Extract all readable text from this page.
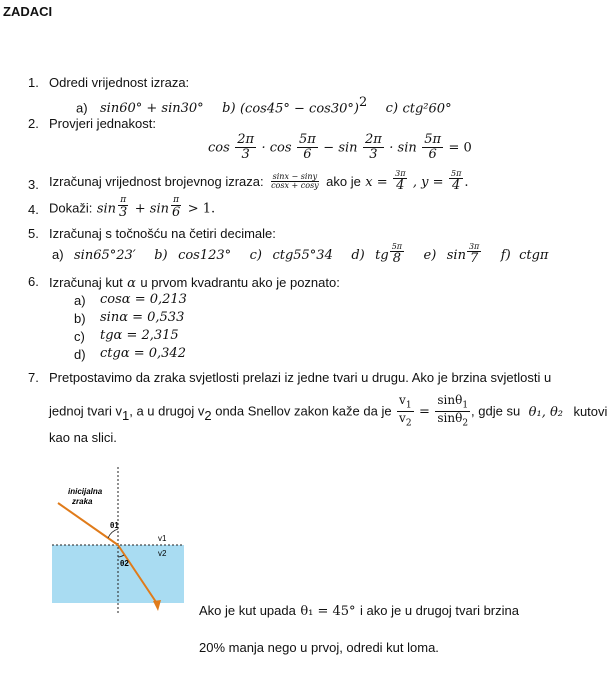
ZADACI
1. Odredi vrijednost izraza:
a) sin60° + sin30° b) $(\cos 45^\circ - \cos 30^\circ)^2$ c) ctg²60°
2. Provjeri jednakost:
$\cos \frac{2\pi}{3} \cdot \cos \frac{5\pi}{6} - \sin \frac{2\pi}{3} \cdot \sin \frac{5\pi}{6} = 0$
3. Izračunaj vrijednost brojevnog izraza: $\frac{\sin x - \sin y}{\cos x + \cos y}$ ako je $x = \frac{3\pi}{4}$ , $y = \frac{5\pi}{4}$ .
4. Dokaži: $\sin \frac{\pi}{3} + \sin \frac{\pi}{6} > 1$.
5. Izračunaj s točnošću na četiri decimale:
a) sin65°23′ b) cos123° c) ctg55°34 d) tg $\frac{5\pi}{8} e$) $\sin \frac{3\pi}{7} f$) ctgπ
6. Izračunaj kut α u prvom kvadrantu ako je poznato:
a) cosα = 0,213
b) sinα = 0,533
c) tgα = 2,315
d) ctgα = 0,342
7. Pretpostavimo da zraka svjetlosti prelazi iz jedne tvari u drugu. Ako je brzina svjetlosti u
jednoj tvari $v_1$, a u drugoj $v_2$ onda Snellov zakon kaže da je $\frac{v_1}{v_2} = \frac{\sin\theta_1}{\sin\theta_2}$ , gdje su θ₁, θ₂ kutovi
kao na slici.
inicijalna
zraka
θ1
θ2
v1
v2
Ako je kut upada θ₁ = 45° i ako je u drugoj tvari brzina
20% manja nego u prvoj, odredi kut loma.
